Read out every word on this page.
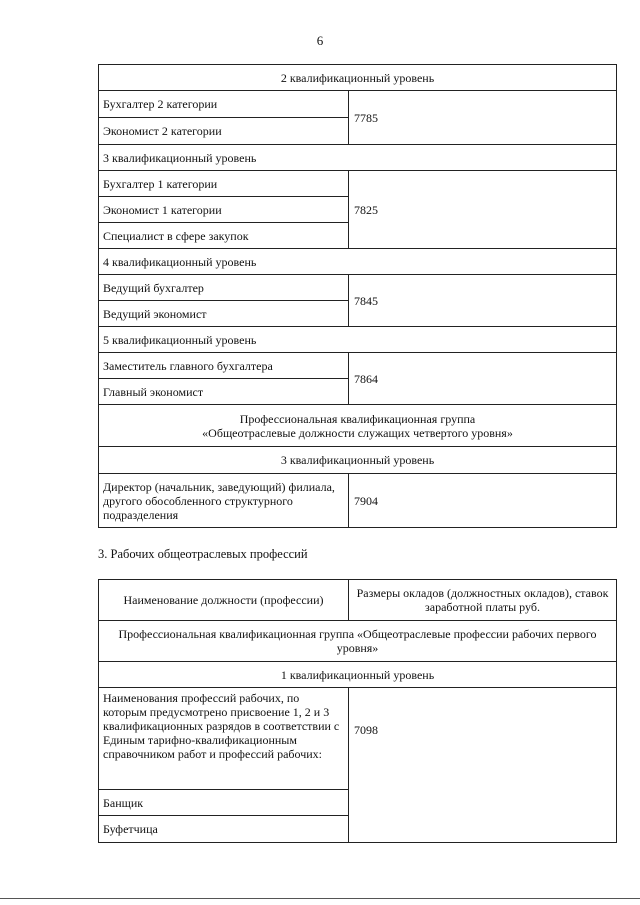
6
2 квалификационный уровень	
Бухгалтер 2 категории	7785
Экономист 2 категории	
3 квалификационный уровень	
Бухгалтер 1 категории	7825
Экономист 1 категории	
Специалист в сфере закупок	
4 квалификационный уровень	
Ведущий бухгалтер	7845
Ведущий экономист	
5 квалификационный уровень	
Заместитель главного бухгалтера	7864
Главный экономист	

Профессиональная квалификационная группа
«Общеотраслевые должности служащих четвертого уровня»	

3 квалификационный уровень	
Директор (начальник, заведующий) филиала, другого обособленного структурного подразделения	7904
3. Рабочих общеотраслевых профессий
Наименование должности (профессии)	Размеры окладов (должностных окладов), ставок заработной платы руб.
Профессиональная квалификационная группа «Общеотраслевые профессии рабочих первого уровня»	
1 квалификационный уровень	
Наименования профессий рабочих, по которым предусмотрено присвоение 1, 2 и 3 квалификационных разрядов в соответствии с Единым тарифно-квалификационным справочником работ и профессий рабочих:	7098
Банщик	
Буфетчица	
